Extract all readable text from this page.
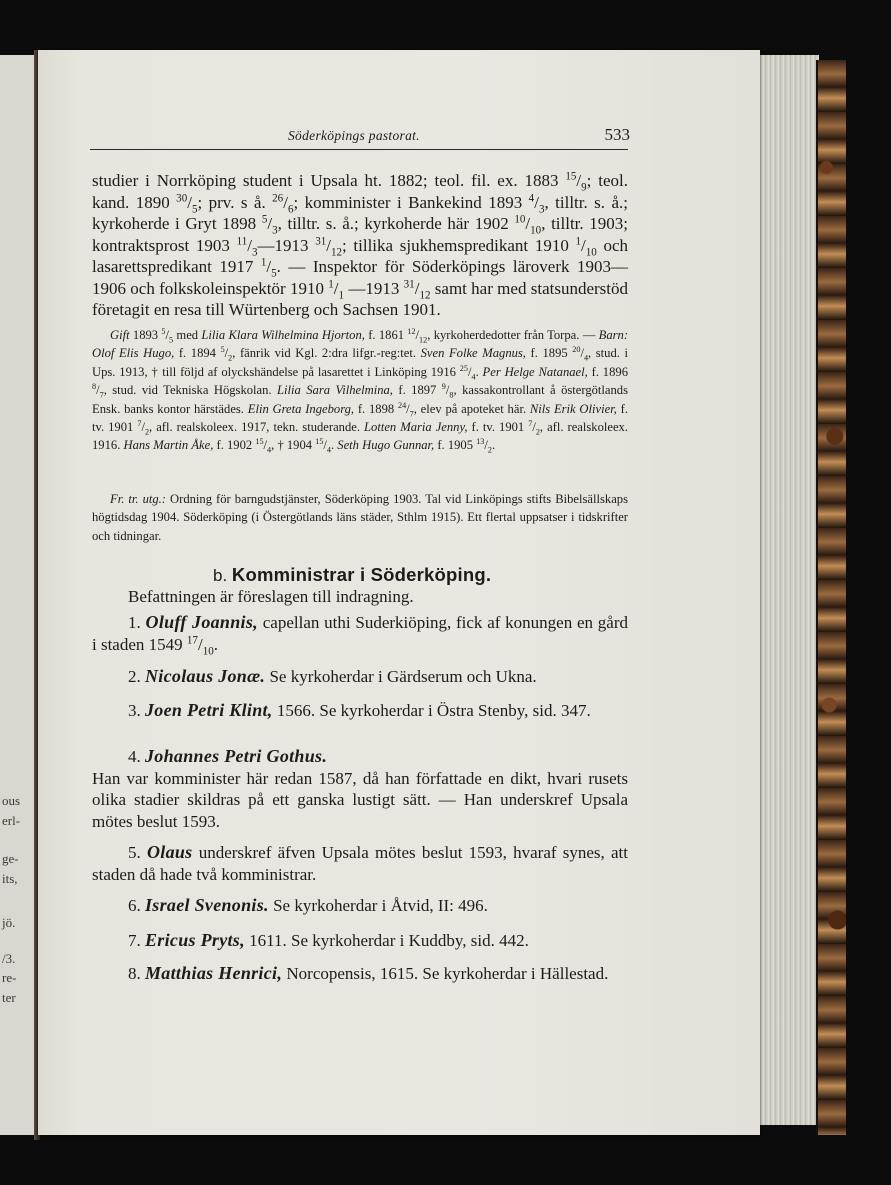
ous
erl-
ge-
its,
jö.
/3.
re-
ter
Söderköpings pastorat.	533
studier i Norrköping student i Upsala ht. 1882; teol. fil. ex. 1883 $^{15}/_9$; teol. kand. 1890 $^{30}/_5$; prv. s å. $^{26}/_6$; komminister i Bankekind 1893 $^4/_3$, tilltr. s. å.; kyrkoherde i Gryt 1898 $^5/_3$, tilltr. s. å.; kyrkoherde här 1902 $^{10}/_{10}$, tilltr. 1903; kontraktsprost 1903 $^{11}/_3—1913$ $^{31}/_{12}$; tillika sjukhemspredikant 1910 $^1/_{10}$ och lasarettspredikant 1917 $^1/_5$. — Inspektor för Söderköpings läroverk 1903—1906 och folkskoleinspektör 1910 $^1/_1$ —1913 $^{31}/_{12}$ samt har med statsunderstöd företagit en resa till Würtenberg och Sachsen 1901.
Gift 1893 $^5/_5$ med Lilia Klara Wilhelmina Hjorton, f. 1861 $^{12}/_{12}$, kyrkoherdedotter från Torpa. — Barn: Olof Elis Hugo, f. 1894 $^5/_2$, fänrik vid Kgl. 2:dra lifgr.-reg:tet. Sven Folke Magnus, f. 1895 $^{20}/_4$, stud. i Ups. 1913, † till följd af olyckshändelse på lasarettet i Linköping 1916 $^{25}/_4$. Per Helge Natanael, f. 1896 $^8/_7$, stud. vid Tekniska Högskolan. Lilia Sara Vilhelmina, f. 1897 $^9/_8$, kassakontrollant å östergötlands Ensk. banks kontor härstädes. Elin Greta Ingeborg, f. 1898 $^{24}/_7$, elev på apoteket här. Nils Erik Olivier, f. tv. 1901 $^7/_2$, afl. realskoleex. 1917, tekn. studerande. Lotten Maria Jenny, f. tv. 1901 $^7/_2$, afl. realskoleex. 1916. Hans Martin Åke, f. 1902 $^{15}/_4$, † 1904 $^{15}/_4$. Seth Hugo Gunnar, f. 1905 $^{13}/_2$.
Fr. tr. utg.: Ordning för barngudstjänster, Söderköping 1903. Tal vid Linköpings stifts Bibelsällskaps högtidsdag 1904. Söderköping (i Östergötlands läns städer, Sthlm 1915). Ett flertal uppsatser i tidskrifter och tidningar.
b. Komministrar i Söderköping.
Befattningen är föreslagen till indragning.
1. Oluff Joannis, capellan uthi Suderkiöping, fick af konungen en gård i staden 1549 $^{17}/_{10}$.
2. Nicolaus Jonæ. Se kyrkoherdar i Gärdserum och Ukna.
3. Joen Petri Klint, 1566. Se kyrkoherdar i Östra Stenby, sid. 347.
4. Johannes Petri Gothus.
Han var komminister här redan 1587, då han författade en dikt, hvari rusets olika stadier skildras på ett ganska lustigt sätt. — Han underskref Upsala mötes beslut 1593.
5. Olaus underskref äfven Upsala mötes beslut 1593, hvaraf synes, att staden då hade två komministrar.
6. Israel Svenonis. Se kyrkoherdar i Åtvid, II: 496.
7. Ericus Pryts, 1611. Se kyrkoherdar i Kuddby, sid. 442.
8. Matthias Henrici, Norcopensis, 1615. Se kyrkoherdar i Hällestad.
